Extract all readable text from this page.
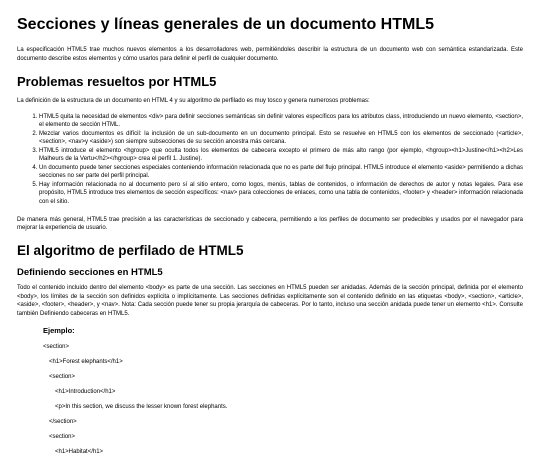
Secciones y líneas generales de un documento HTML5

La especificación HTML5 trae muchos nuevos elementos a los desarrolladores web, permitiéndoles describir la estructura de un documento web con semántica estandarizada. Este documento describe estos elementos y cómo usarlos para definir el perfil de cualquier documento.

Problemas resueltos por HTML5

La definición de la estructura de un documento en HTML 4 y su algoritmo de perfilado es muy tosco y genera numerosos problemas:

1. HTML5 quita la necesidad de elementos <div> para definir secciones semánticas sin definir valores específicos para los atributos class, introduciendo un nuevo elemento, <section>, el elemento de sección HTML.
2. Mezclar varios documentos es difícil: la inclusión de un sub-documento en un documento principal. Esto se resuelve en HTML5 con los elementos de seccionado (<article>, <section>, <nav>y <aside>) son siempre subsecciones de su sección ancestra más cercana.
3. HTML5 introduce el elemento <hgroup> que oculta todos los elementos de cabecera excepto el primero de más alto rango (por ejemplo, <hgroup><h1>Justine</h1><h2>Les Malheurs de la Vertu</h2></hgroup> crea el perfil 1. Justine).
4. Un documento puede tener secciones especiales conteniendo información relacionada que no es parte del flujo principal. HTML5 introduce el elemento <aside> permitiendo a dichas secciones no ser parte del perfil principal.
5. Hay información relacionada no al documento pero sí al sitio entero, como logos, menús, tablas de contenidos, o información de derechos de autor y notas legales. Para ese propósito, HTML5 introduce tres elementos de sección específicos: <nav> para colecciones de enlaces, como una tabla de contenidos, <footer> y <header> información relacionada con el sitio.

De manera más general, HTML5 trae precisión a las características de seccionado y cabecera, permitiendo a los perfiles de documento ser predecibles y usados por el navegador para mejorar la experiencia de usuario.

El algoritmo de perfilado de HTML5
Definiendo secciones en HTML5

Todo el contenido incluido dentro del elemento <body> es parte de una sección. Las secciones en HTML5 pueden ser anidadas. Además de la sección principal, definida por el elemento <body>, los límites de la sección son definidos explícita o implícitamente. Las secciones definidas explícitamente son el contenido definido en las etiquetas <body>, <section>, <article>, <aside>, <footer>, <header>, y <nav>. Nota: Cada sección puede tener su propia jerarquía de cabeceras. Por lo tanto, incluso una sección anidada puede tener un elemento <h1>. Consulte también Definiendo cabeceras en HTML5.

Ejemplo:
<section>
<h1>Forest elephants</h1>
<section>
<h1>Introduction</h1>
<p>In this section, we discuss the lesser known forest elephants.
</section>
<section>
<h1>Habitat</h1>
